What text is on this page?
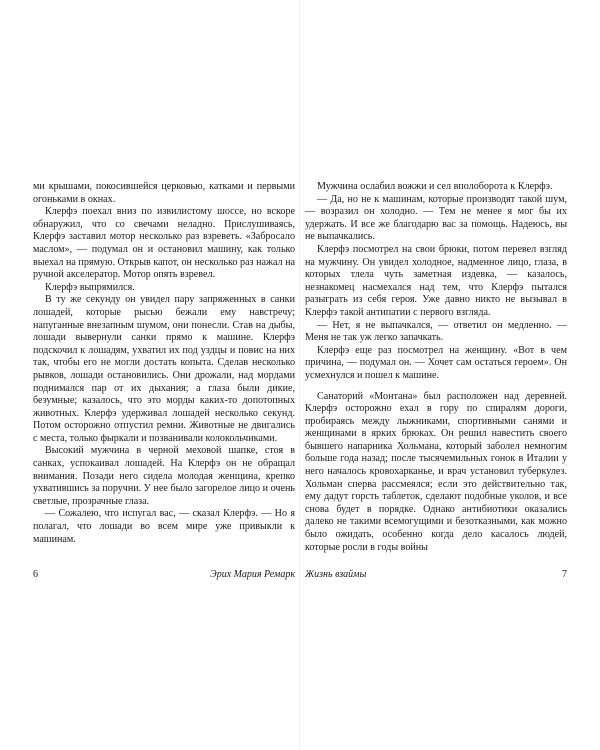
ми крышами, покосившейся церковью, катками и первыми огоньками в окнах.

Клерфэ поехал вниз по извилистому шоссе, но вскоре обнаружил, что со свечами неладно. Прислушиваясь, Клерфэ заставил мотор несколько раз взреветь. «Забросало маслом», — подумал он и остановил машину, как только выехал на прямую. Открыв капот, он несколько раз нажал на ручной акселератор. Мотор опять взревел.

Клерфэ выпрямился.

В ту же секунду он увидел пару запряженных в санки лошадей, которые рысью бежали ему навстречу; напуганные внезапным шумом, они понесли. Став на дыбы, лошади вывернули санки прямо к машине. Клерфэ подскочил к лошадям, ухватил их под уздцы и повис на них так, чтобы его не могли достать копыта. Сделав несколько рывков, лошади остановились. Они дрожали, над мордами поднимался пар от их дыхания; а глаза были дикие, безумные; казалось, что это морды каких-то допотопных животных. Клерфэ удерживал лошадей несколько секунд. Потом осторожно отпустил ремни. Животные не двигались с места, только фыркали и позванивали колокольчиками.

Высокий мужчина в черной меховой шапке, стоя в санках, успокаивал лошадей. На Клерфэ он не обращал внимания. Позади него сидела молодая женщина, крепко ухватившись за поручни. У нее было загорелое лицо и очень светлые, прозрачные глаза.

— Сожалею, что испугал вас, — сказал Клерфэ. — Но я полагал, что лошади во всем мире уже привыкли к машинам.

Мужчина ослабил вожжи и сел вполоборота к Клерфэ.

— Да, но не к машинам, которые производят такой шум, — возразил он холодно. — Тем не менее я мог бы их удержать. И все же благодарю вас за помощь. Надеюсь, вы не выпачкались.

Клерфэ посмотрел на свои брюки, потом перевел взгляд на мужчину. Он увидел холодное, надменное лицо, глаза, в которых тлела чуть заметная издевка, — казалось, незнакомец насмехался над тем, что Клерфэ пытался разыграть из себя героя. Уже давно никто не вызывал в Клерфэ такой антипатии с первого взгляда.

— Нет, я не выпачкался, — ответил он медленно. — Меня не так уж легко запачкать.

Клерфэ еще раз посмотрел на женщину. «Вот в чем причина, — подумал он. — Хочет сам остаться героем». Он усмехнулся и пошел к машине.

Санаторий «Монтана» был расположен над деревней. Клерфэ осторожно ехал в гору по спиралям дороги, пробираясь между лыжниками, спортивными санями и женщинами в ярких брюках. Он решил навестить своего бывшего напарника Хольмана, который заболел немногим больше года назад; после тысячемильных гонок в Италии у него началось кровохарканье, и врач установил туберкулез. Хольман сперва рассмеялся; если это действительно так, ему дадут горсть таблеток, сделают подобные уколов, и все снова будет в порядке. Однако антибиотики оказались далеко не такими всемогущими и безотказными, как можно было ожидать, особенно когда дело касалось людей, которые росли в годы войны

6	Эрих Мария Ремарк Жизнь взаймы	7
